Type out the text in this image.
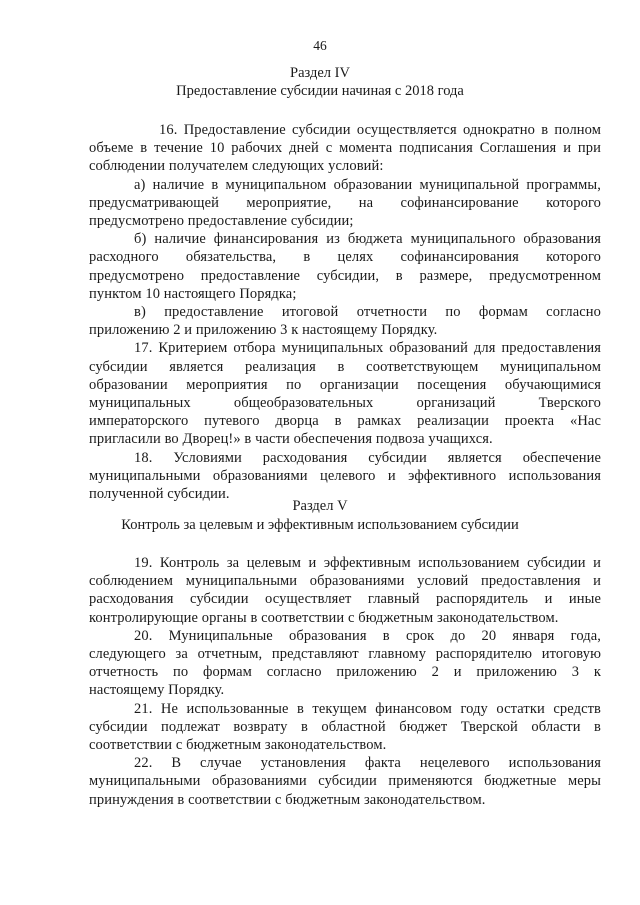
46
Раздел IV
Предоставление субсидии начиная с 2018 года

16. Предоставление субсидии осуществляется однократно в полном

объеме в течение 10 рабочих дней с момента подписания Соглашения и при

соблюдении получателем следующих условий:

а) наличие в муниципальном образовании муниципальной программы,

предусматривающей мероприятие, на софинансирование которого

предусмотрено предоставление субсидии;

б) наличие финансирования из бюджета муниципального образования

расходного обязательства, в целях софинансирования которого

предусмотрено предоставление субсидии, в размере, предусмотренном

пунктом 10 настоящего Порядка;

в) предоставление итоговой отчетности по формам согласно

приложению 2 и приложению 3 к настоящему Порядку.

17. Критерием отбора муниципальных образований для предоставления

субсидии является реализация в соответствующем муниципальном

образовании мероприятия по организации посещения обучающимися

муниципальных общеобразовательных организаций Тверского

императорского путевого дворца в рамках реализации проекта «Нас

пригласили во Дворец!» в части обеспечения подвоза учащихся.

18. Условиями расходования субсидии является обеспечение

муниципальными образованиями целевого и эффективного использования

полученной субсидии.

Раздел V
Контроль за целевым и эффективным использованием субсидии

19. Контроль за целевым и эффективным использованием субсидии и

соблюдением муниципальными образованиями условий предоставления и

расходования субсидии осуществляет главный распорядитель и иные

контролирующие органы в соответствии с бюджетным законодательством.

20. Муниципальные образования в срок до 20 января года,

следующего за отчетным, представляют главному распорядителю итоговую

отчетность по формам согласно приложению 2 и приложению 3 к

настоящему Порядку.

21. Не использованные в текущем финансовом году остатки средств

субсидии подлежат возврату в областной бюджет Тверской области в

соответствии с бюджетным законодательством.

22. В случае установления факта нецелевого использования

муниципальными образованиями субсидии применяются бюджетные меры

принуждения в соответствии с бюджетным законодательством.
